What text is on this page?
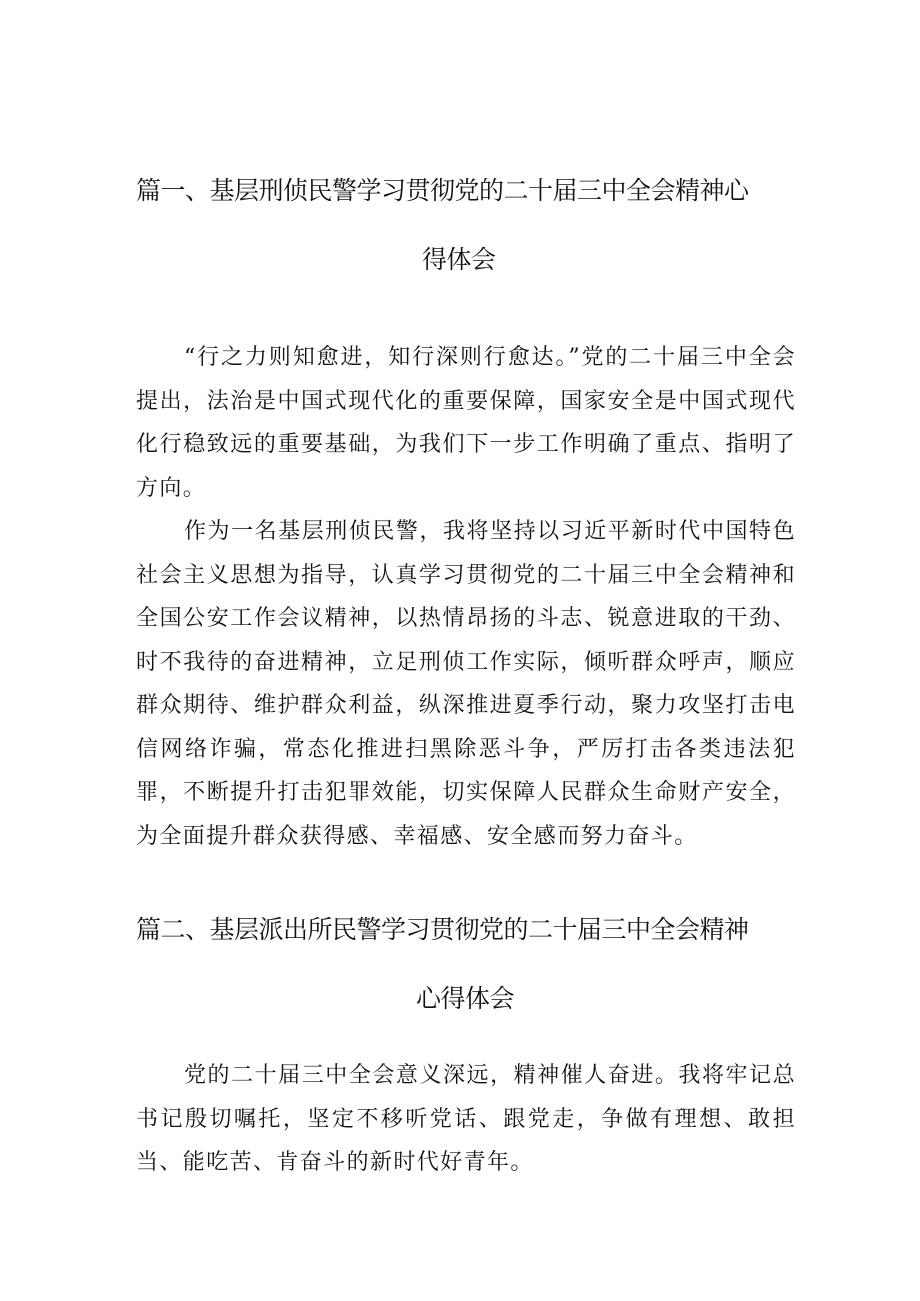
篇一、基层刑侦民警学习贯彻党的二十届三中全会精神心
得体会

“行之力则知愈进，知行深则行愈达。”党的二十届三中全会提出，法治是中国式现代化的重要保障，国家安全是中国式现代化行稳致远的重要基础，为我们下一步工作明确了重点、指明了方向。

作为一名基层刑侦民警，我将坚持以习近平新时代中国特色社会主义思想为指导，认真学习贯彻党的二十届三中全会精神和全国公安工作会议精神，以热情昂扬的斗志、锐意进取的干劲、时不我待的奋进精神，立足刑侦工作实际，倾听群众呼声，顺应群众期待、维护群众利益，纵深推进夏季行动，聚力攻坚打击电信网络诈骗，常态化推进扫黑除恶斗争，严厉打击各类违法犯罪，不断提升打击犯罪效能，切实保障人民群众生命财产安全，为全面提升群众获得感、幸福感、安全感而努力奋斗。

篇二、基层派出所民警学习贯彻党的二十届三中全会精神
心得体会

党的二十届三中全会意义深远，精神催人奋进。我将牢记总书记殷切嘱托，坚定不移听党话、跟党走，争做有理想、敢担当、能吃苦、肯奋斗的新时代好青年。
